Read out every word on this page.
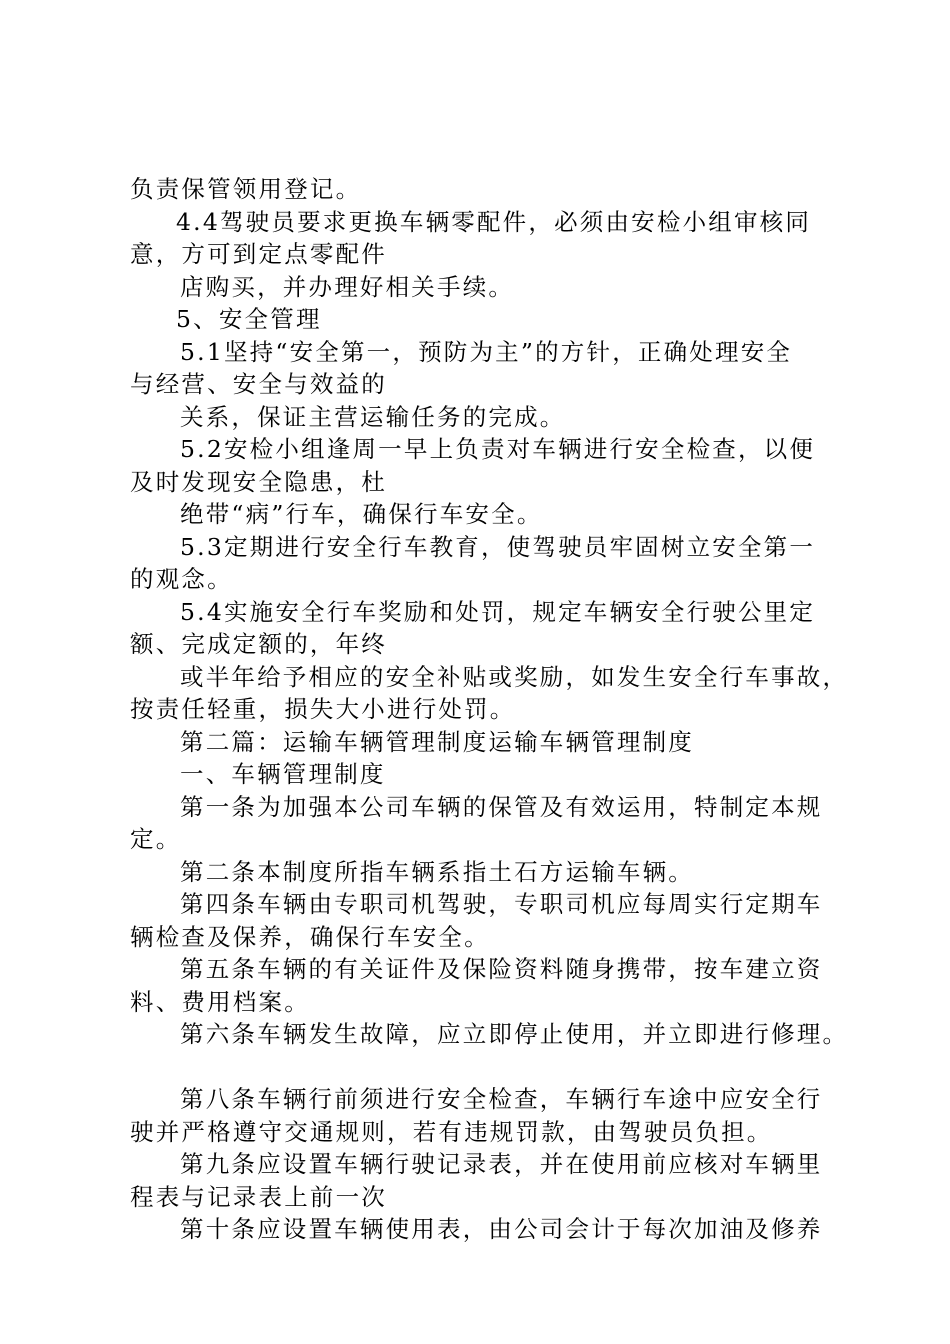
负责保管领用登记。
4.4驾驶员要求更换车辆零配件，必须由安检小组审核同
意，方可到定点零配件
店购买，并办理好相关手续。
5、安全管理
5.1坚持“安全第一，预防为主”的方针，正确处理安全
与经营、安全与效益的
关系，保证主营运输任务的完成。
5.2安检小组逢周一早上负责对车辆进行安全检查，以便
及时发现安全隐患，杜
绝带“病”行车，确保行车安全。
5.3定期进行安全行车教育，使驾驶员牢固树立安全第一
的观念。
5.4实施安全行车奖励和处罚，规定车辆安全行驶公里定
额、完成定额的，年终
或半年给予相应的安全补贴或奖励，如发生安全行车事故，
按责任轻重，损失大小进行处罚。
第二篇：运输车辆管理制度运输车辆管理制度
一、车辆管理制度
第一条为加强本公司车辆的保管及有效运用，特制定本规
定。
第二条本制度所指车辆系指土石方运输车辆。
第四条车辆由专职司机驾驶，专职司机应每周实行定期车
辆检查及保养，确保行车安全。
第五条车辆的有关证件及保险资料随身携带，按车建立资
料、费用档案。
第六条车辆发生故障，应立即停止使用，并立即进行修理。
第八条车辆行前须进行安全检查，车辆行车途中应安全行
驶并严格遵守交通规则，若有违规罚款，由驾驶员负担。
第九条应设置车辆行驶记录表，并在使用前应核对车辆里
程表与记录表上前一次
第十条应设置车辆使用表，由公司会计于每次加油及修养
